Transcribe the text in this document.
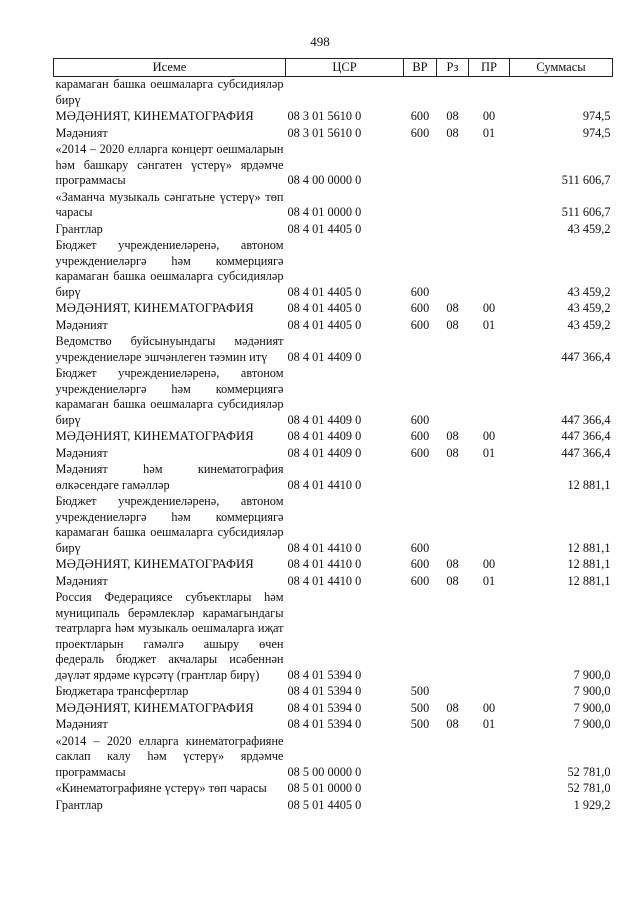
498
Исеме	ЦСР	ВР	Рз	ПР	Суммасы
карамаган башка оешмаларга субсидияләр бирү					
МӘДӘНИЯТ, КИНЕМАТОГРАФИЯ	08 3 01 5610 0	600	08	00	974,5
Мәдәният	08 3 01 5610 0	600	08	01	974,5
«2014 – 2020 елларга концерт оешмаларын һәм башкару сәнгатен үстерү» ярдәмче программасы	08 4 00 0000 0				511 606,7
«Заманча музыкаль сәнгатьне үстерү» төп чарасы	08 4 01 0000 0				511 606,7
Грантлар	08 4 01 4405 0				43 459,2
Бюджет учреждениеләренә, автоном учреждениеләргә һәм коммерциягә карамаган башка оешмаларга субсидияләр бирү	08 4 01 4405 0	600			43 459,2
МӘДӘНИЯТ, КИНЕМАТОГРАФИЯ	08 4 01 4405 0	600	08	00	43 459,2
Мәдәният	08 4 01 4405 0	600	08	01	43 459,2
Ведомство буйсынуындагы мәдәният учреждениеләре эшчәнлеген тәэмин итү	08 4 01 4409 0				447 366,4
Бюджет учреждениеләренә, автоном учреждениеләргә һәм коммерциягә карамаган башка оешмаларга субсидияләр бирү	08 4 01 4409 0	600			447 366,4
МӘДӘНИЯТ, КИНЕМАТОГРАФИЯ	08 4 01 4409 0	600	08	00	447 366,4
Мәдәният	08 4 01 4409 0	600	08	01	447 366,4
Мәдәният һәм кинематография өлкәсендәге гамәлләр	08 4 01 4410 0				12 881,1
Бюджет учреждениеләренә, автоном учреждениеләргә һәм коммерциягә карамаган башка оешмаларга субсидияләр бирү	08 4 01 4410 0	600			12 881,1
МӘДӘНИЯТ, КИНЕМАТОГРАФИЯ	08 4 01 4410 0	600	08	00	12 881,1
Мәдәният	08 4 01 4410 0	600	08	01	12 881,1
Россия Федерациясе субъектлары һәм муниципаль берәмлекләр карамагындагы театрларга һәм музыкаль оешмаларга иҗат проектларын гамәлгә ашыру өчен федераль бюджет акчалары исәбеннән дәүләт ярдәме күрсәтү (грантлар бирү)	08 4 01 5394 0				7 900,0
Бюджетара трансфертлар	08 4 01 5394 0	500			7 900,0
МӘДӘНИЯТ, КИНЕМАТОГРАФИЯ	08 4 01 5394 0	500	08	00	7 900,0
Мәдәният	08 4 01 5394 0	500	08	01	7 900,0
«2014 – 2020 елларга кинематографияне саклап калу һәм үстерү» ярдәмче программасы	08 5 00 0000 0				52 781,0
«Кинематографияне үстерү» төп чарасы	08 5 01 0000 0				52 781,0
Грантлар	08 5 01 4405 0				1 929,2
